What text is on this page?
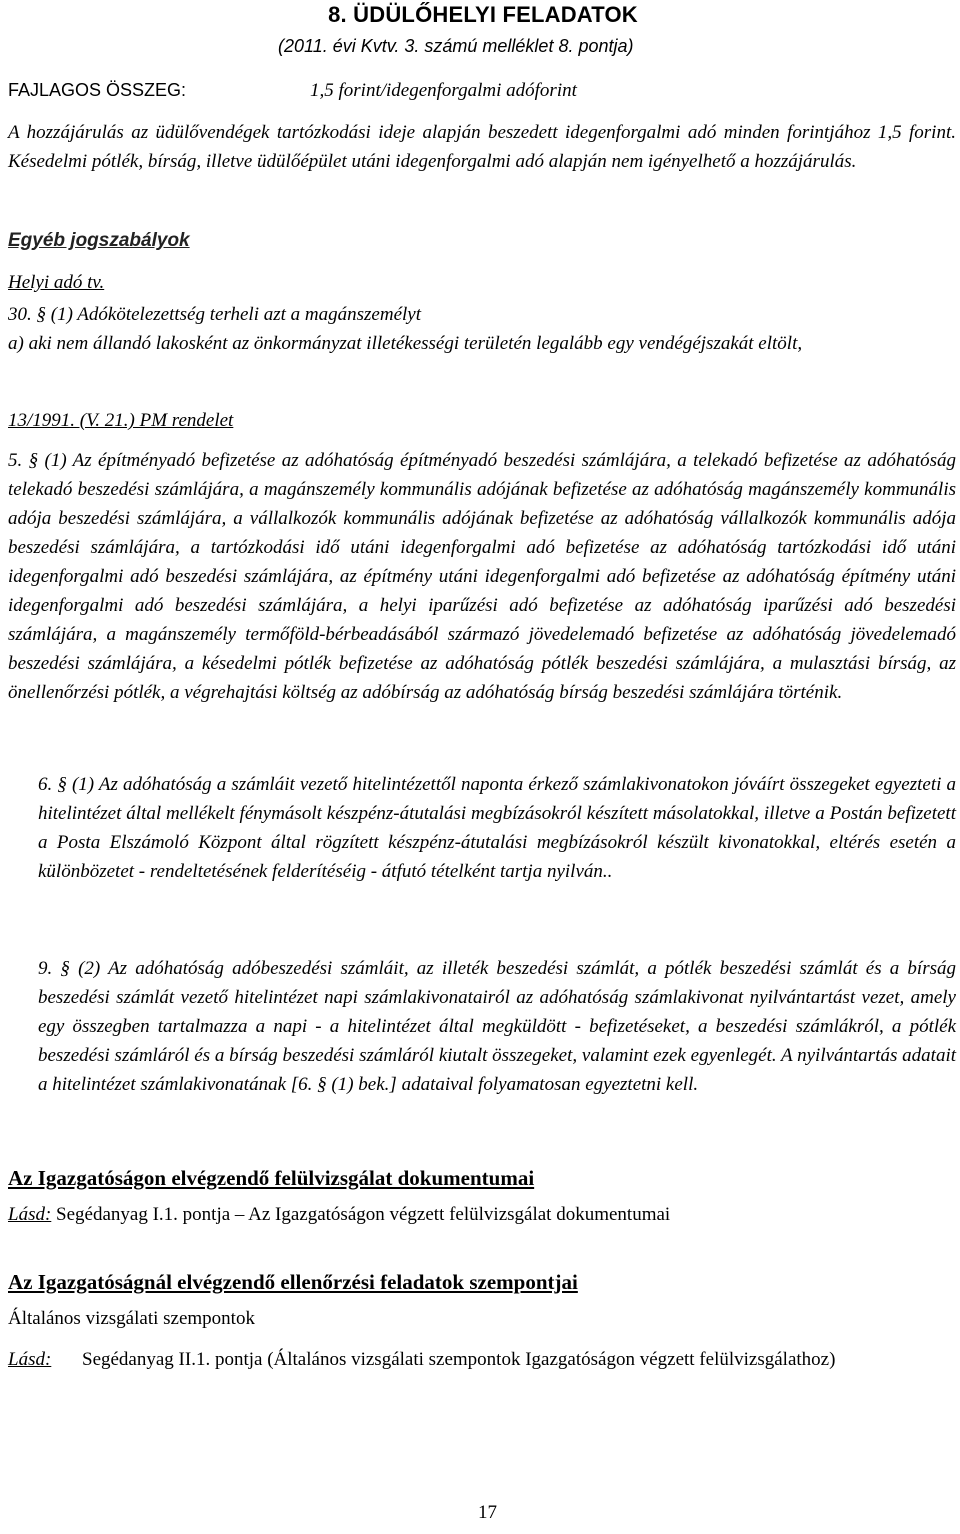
8. ÜDÜLŐHELYI FELADATOK
(2011. évi Kvtv. 3. számú melléklet 8. pontja)
FAJLAGOS ÖSSZEG:	1,5 forint/idegenforgalmi adóforint
A hozzájárulás az üdülővendégek tartózkodási ideje alapján beszedett idegenforgalmi adó minden forintjához 1,5 forint. Késedelmi pótlék, bírság, illetve üdülőépület utáni idegenforgalmi adó alapján nem igényelhető a hozzájárulás.
Egyéb jogszabályok
Helyi adó tv.
30. § (1) Adókötelezettség terheli azt a magánszemélyt
a) aki nem állandó lakosként az önkormányzat illetékességi területén legalább egy vendégéjszakát eltölt,
13/1991. (V. 21.) PM rendelet
5. § (1) Az építményadó befizetése az adóhatóság építményadó beszedési számlájára, a telekadó befizetése az adóhatóság telekadó beszedési számlájára, a magánszemély kommunális adójának befizetése az adóhatóság magánszemély kommunális adója beszedési számlájára, a vállalkozók kommunális adójának befizetése az adóhatóság vállalkozók kommunális adója beszedési számlájára, a tartózkodási idő utáni idegenforgalmi adó befizetése az adóhatóság tartózkodási idő utáni idegenforgalmi adó beszedési számlájára, az építmény utáni idegenforgalmi adó befizetése az adóhatóság építmény utáni idegenforgalmi adó beszedési számlájára, a helyi iparűzési adó befizetése az adóhatóság iparűzési adó beszedési számlájára, a magánszemély termőföld-bérbeadásából származó jövedelemadó befizetése az adóhatóság jövedelemadó beszedési számlájára, a késedelmi pótlék befizetése az adóhatóság pótlék beszedési számlájára, a mulasztási bírság, az önellenőrzési pótlék, a végrehajtási költség az adóbírság az adóhatóság bírság beszedési számlájára történik.
6. § (1) Az adóhatóság a számláit vezető hitelintézettől naponta érkező számlakivonatokon jóváírt összegeket egyezteti a hitelintézet által mellékelt fénymásolt készpénz-átutalási megbízásokról készített másolatokkal, illetve a Postán befizetett a Posta Elszámoló Központ által rögzített készpénz-átutalási megbízásokról készült kivonatokkal, eltérés esetén a különbözetet - rendeltetésének felderítéséig - átfutó tételként tartja nyilván..
9. § (2) Az adóhatóság adóbeszedési számláit, az illeték beszedési számlát, a pótlék beszedési számlát és a bírság beszedési számlát vezető hitelintézet napi számlakivonatairól az adóhatóság számlakivonat nyilvántartást vezet, amely egy összegben tartalmazza a napi - a hitelintézet által megküldött - befizetéseket, a beszedési számlákról, a pótlék beszedési számláról és a bírság beszedési számláról kiutalt összegeket, valamint ezek egyenlegét. A nyilvántartás adatait a hitelintézet számlakivonatának [6. § (1) bek.] adataival folyamatosan egyeztetni kell.
Az Igazgatóságon elvégzendő felülvizsgálat dokumentumai
Lásd: Segédanyag I.1. pontja – Az Igazgatóságon végzett felülvizsgálat dokumentumai
Az Igazgatóságnál elvégzendő ellenőrzési feladatok szempontjai
Általános vizsgálati szempontok
Lásd:	Segédanyag II.1. pontja (Általános vizsgálati szempontok Igazgatóságon végzett felülvizsgálathoz)
17
